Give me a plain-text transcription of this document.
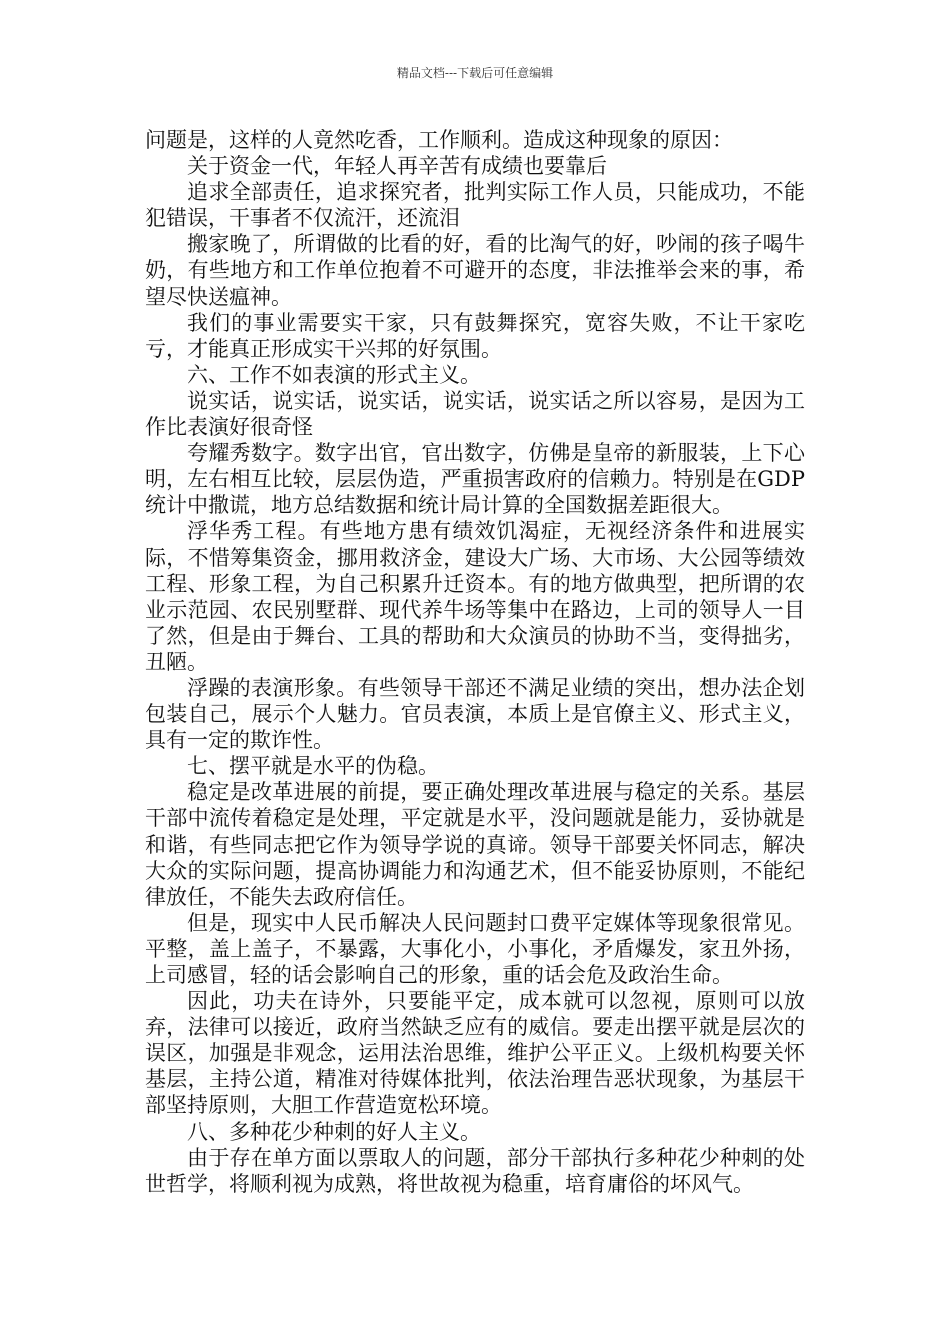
精品文档---下载后可任意编辑

问题是，这样的人竟然吃香，工作顺利。造成这种现象的原因：

关于资金一代，年轻人再辛苦有成绩也要靠后

追求全部责任，追求探究者，批判实际工作人员，只能成功，不能犯错误，干事者不仅流汗，还流泪

搬家晚了，所谓做的比看的好，看的比淘气的好，吵闹的孩子喝牛奶，有些地方和工作单位抱着不可避开的态度，非法推举会来的事，希望尽快送瘟神。

我们的事业需要实干家，只有鼓舞探究，宽容失败，不让干家吃亏，才能真正形成实干兴邦的好氛围。

六、工作不如表演的形式主义。

说实话，说实话，说实话，说实话，说实话之所以容易，是因为工作比表演好很奇怪

夸耀秀数字。数字出官，官出数字，仿佛是皇帝的新服装，上下心明，左右相互比较，层层伪造，严重损害政府的信赖力。特别是在GDP统计中撒谎，地方总结数据和统计局计算的全国数据差距很大。

浮华秀工程。有些地方患有绩效饥渴症，无视经济条件和进展实际，不惜筹集资金，挪用救济金，建设大广场、大市场、大公园等绩效工程、形象工程，为自己积累升迁资本。有的地方做典型，把所谓的农业示范园、农民别墅群、现代养牛场等集中在路边，上司的领导人一目了然，但是由于舞台、工具的帮助和大众演员的协助不当，变得拙劣，丑陋。

浮躁的表演形象。有些领导干部还不满足业绩的突出，想办法企划包装自己，展示个人魅力。官员表演，本质上是官僚主义、形式主义，具有一定的欺诈性。

七、摆平就是水平的伪稳。

稳定是改革进展的前提，要正确处理改革进展与稳定的关系。基层干部中流传着稳定是处理，平定就是水平，没问题就是能力，妥协就是和谐，有些同志把它作为领导学说的真谛。领导干部要关怀同志，解决大众的实际问题，提高协调能力和沟通艺术，但不能妥协原则，不能纪律放任，不能失去政府信任。

但是，现实中人民币解决人民问题封口费平定媒体等现象很常见。平整，盖上盖子，不暴露，大事化小，小事化，矛盾爆发，家丑外扬，上司感冒，轻的话会影响自己的形象，重的话会危及政治生命。

因此，功夫在诗外，只要能平定，成本就可以忽视，原则可以放弃，法律可以接近，政府当然缺乏应有的威信。要走出摆平就是层次的误区，加强是非观念，运用法治思维，维护公平正义。上级机构要关怀基层，主持公道，精准对待媒体批判，依法治理告恶状现象，为基层干部坚持原则，大胆工作营造宽松环境。

八、多种花少种刺的好人主义。

由于存在单方面以票取人的问题，部分干部执行多种花少种刺的处世哲学，将顺利视为成熟，将世故视为稳重，培育庸俗的坏风气。
